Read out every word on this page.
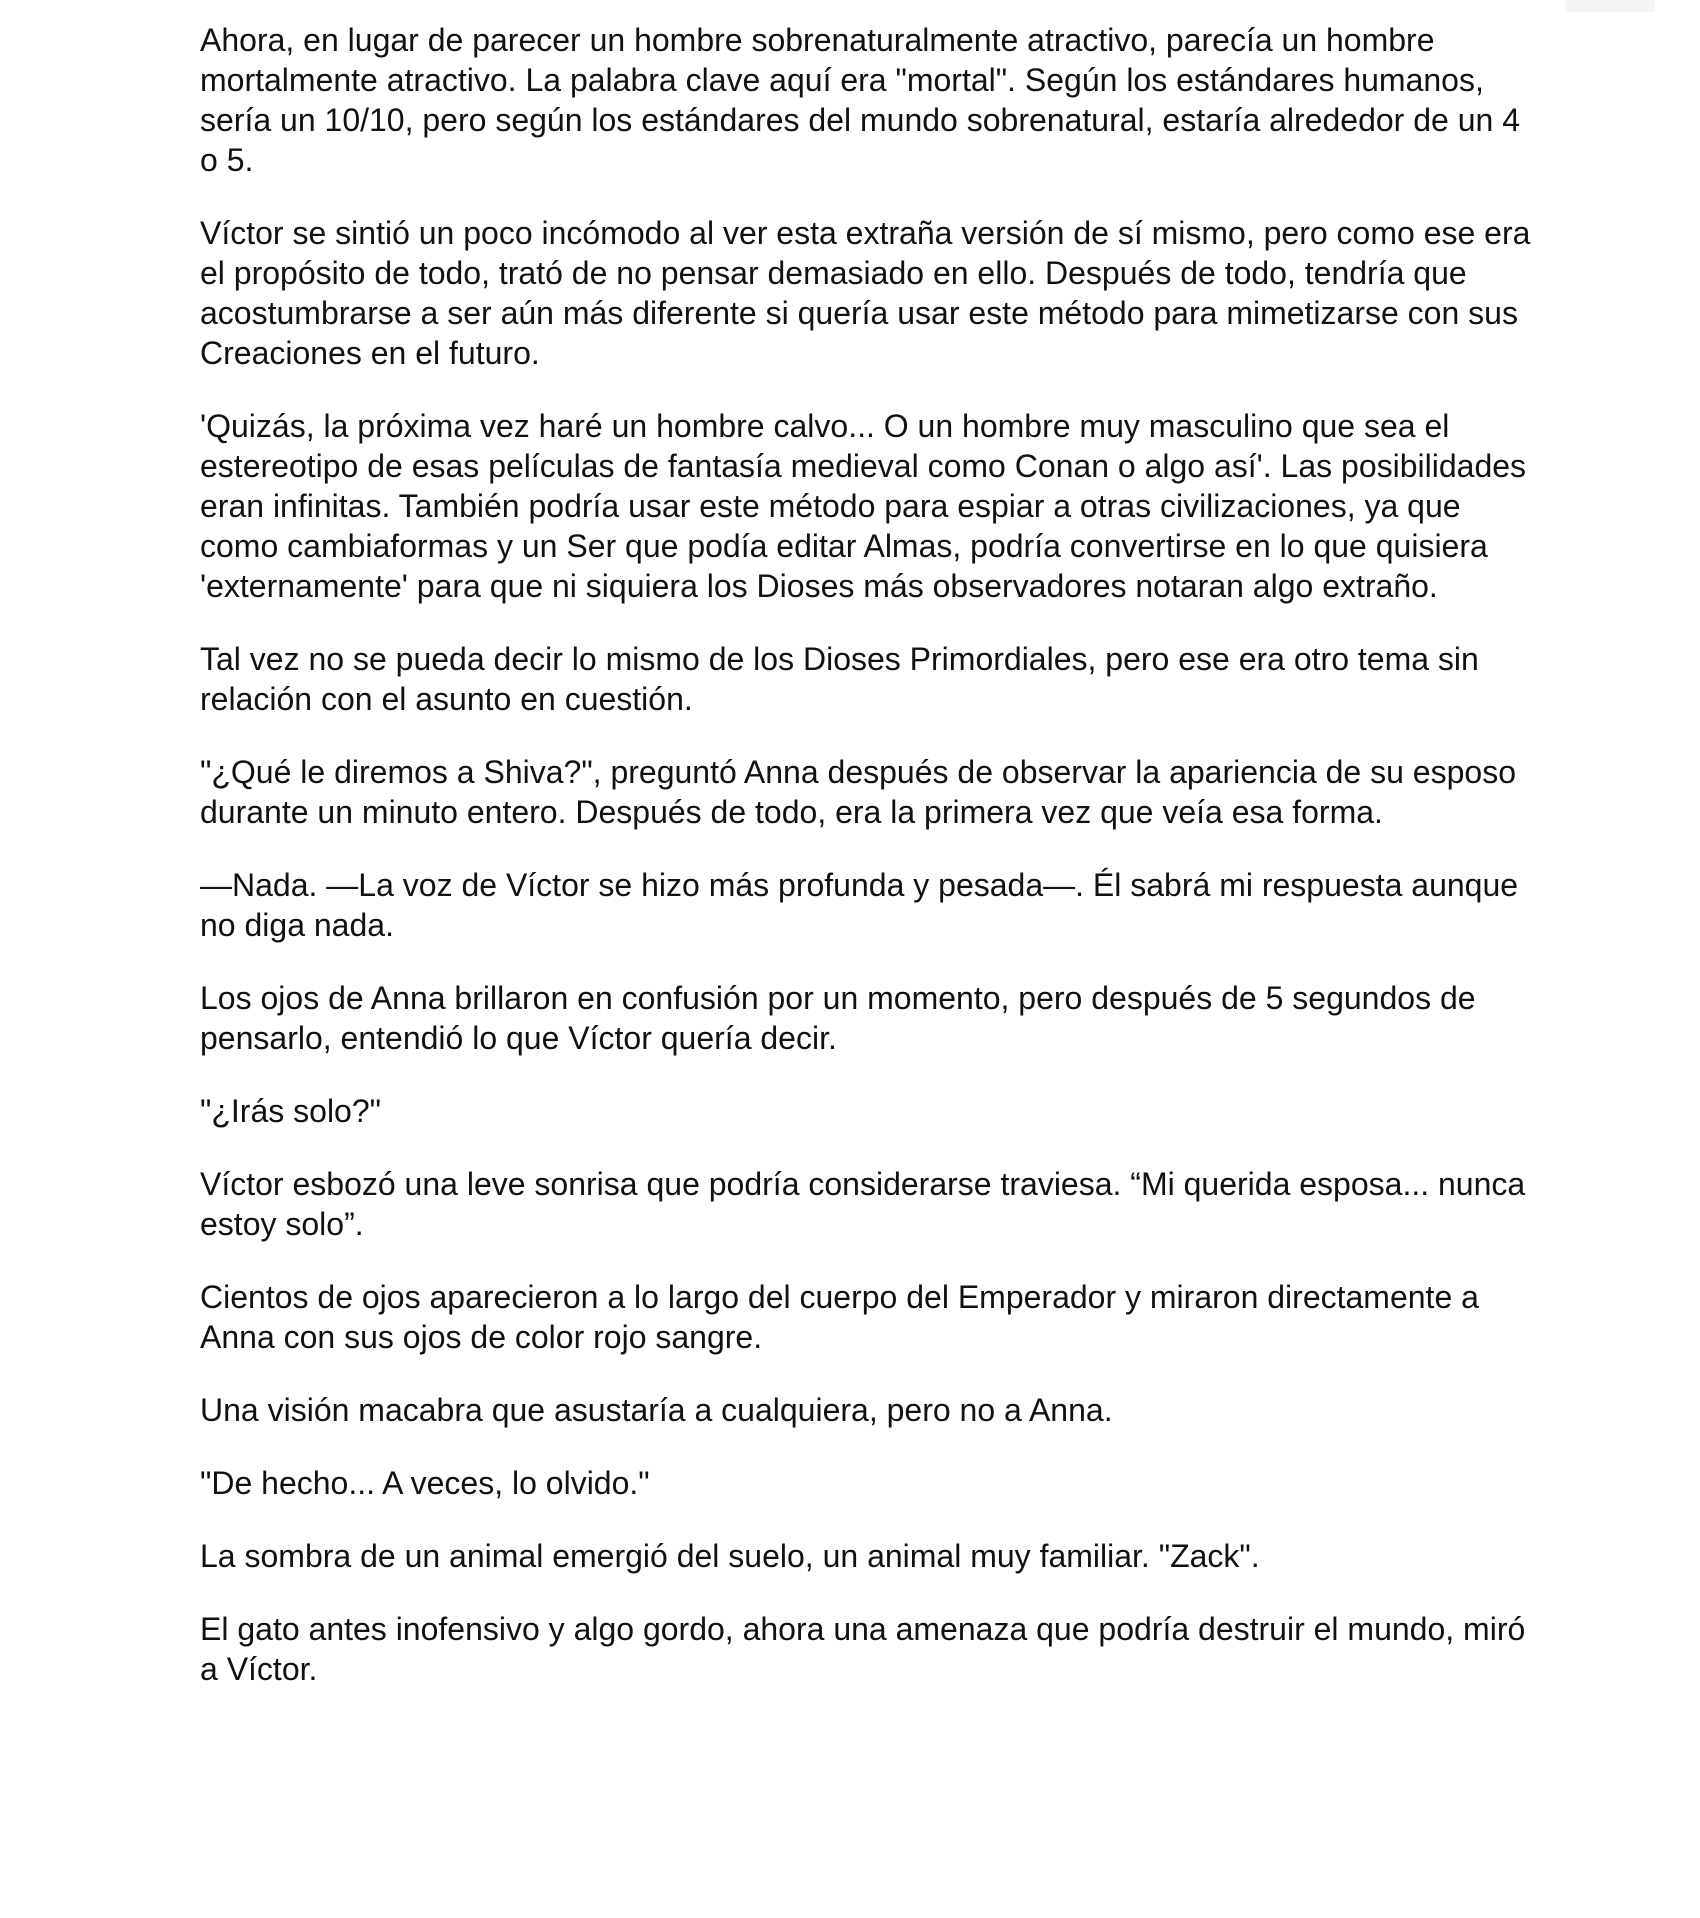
Ahora, en lugar de parecer un hombre sobrenaturalmente atractivo, parecía un hombre mortalmente atractivo. La palabra clave aquí era "mortal". Según los estándares humanos, sería un 10/10, pero según los estándares del mundo sobrenatural, estaría alrededor de un 4 o 5.

Víctor se sintió un poco incómodo al ver esta extraña versión de sí mismo, pero como ese era el propósito de todo, trató de no pensar demasiado en ello. Después de todo, tendría que acostumbrarse a ser aún más diferente si quería usar este método para mimetizarse con sus Creaciones en el futuro.

'Quizás, la próxima vez haré un hombre calvo... O un hombre muy masculino que sea el estereotipo de esas películas de fantasía medieval como Conan o algo así'. Las posibilidades eran infinitas. También podría usar este método para espiar a otras civilizaciones, ya que como cambiaformas y un Ser que podía editar Almas, podría convertirse en lo que quisiera 'externamente' para que ni siquiera los Dioses más observadores notaran algo extraño.

Tal vez no se pueda decir lo mismo de los Dioses Primordiales, pero ese era otro tema sin relación con el asunto en cuestión.

"¿Qué le diremos a Shiva?", preguntó Anna después de observar la apariencia de su esposo durante un minuto entero. Después de todo, era la primera vez que veía esa forma.

—Nada. —La voz de Víctor se hizo más profunda y pesada—. Él sabrá mi respuesta aunque no diga nada.

Los ojos de Anna brillaron en confusión por un momento, pero después de 5 segundos de pensarlo, entendió lo que Víctor quería decir.

"¿Irás solo?"

Víctor esbozó una leve sonrisa que podría considerarse traviesa. “Mi querida esposa... nunca estoy solo”.

Cientos de ojos aparecieron a lo largo del cuerpo del Emperador y miraron directamente a Anna con sus ojos de color rojo sangre.

Una visión macabra que asustaría a cualquiera, pero no a Anna.

"De hecho... A veces, lo olvido."

La sombra de un animal emergió del suelo, un animal muy familiar. "Zack".

El gato antes inofensivo y algo gordo, ahora una amenaza que podría destruir el mundo, miró a Víctor.
